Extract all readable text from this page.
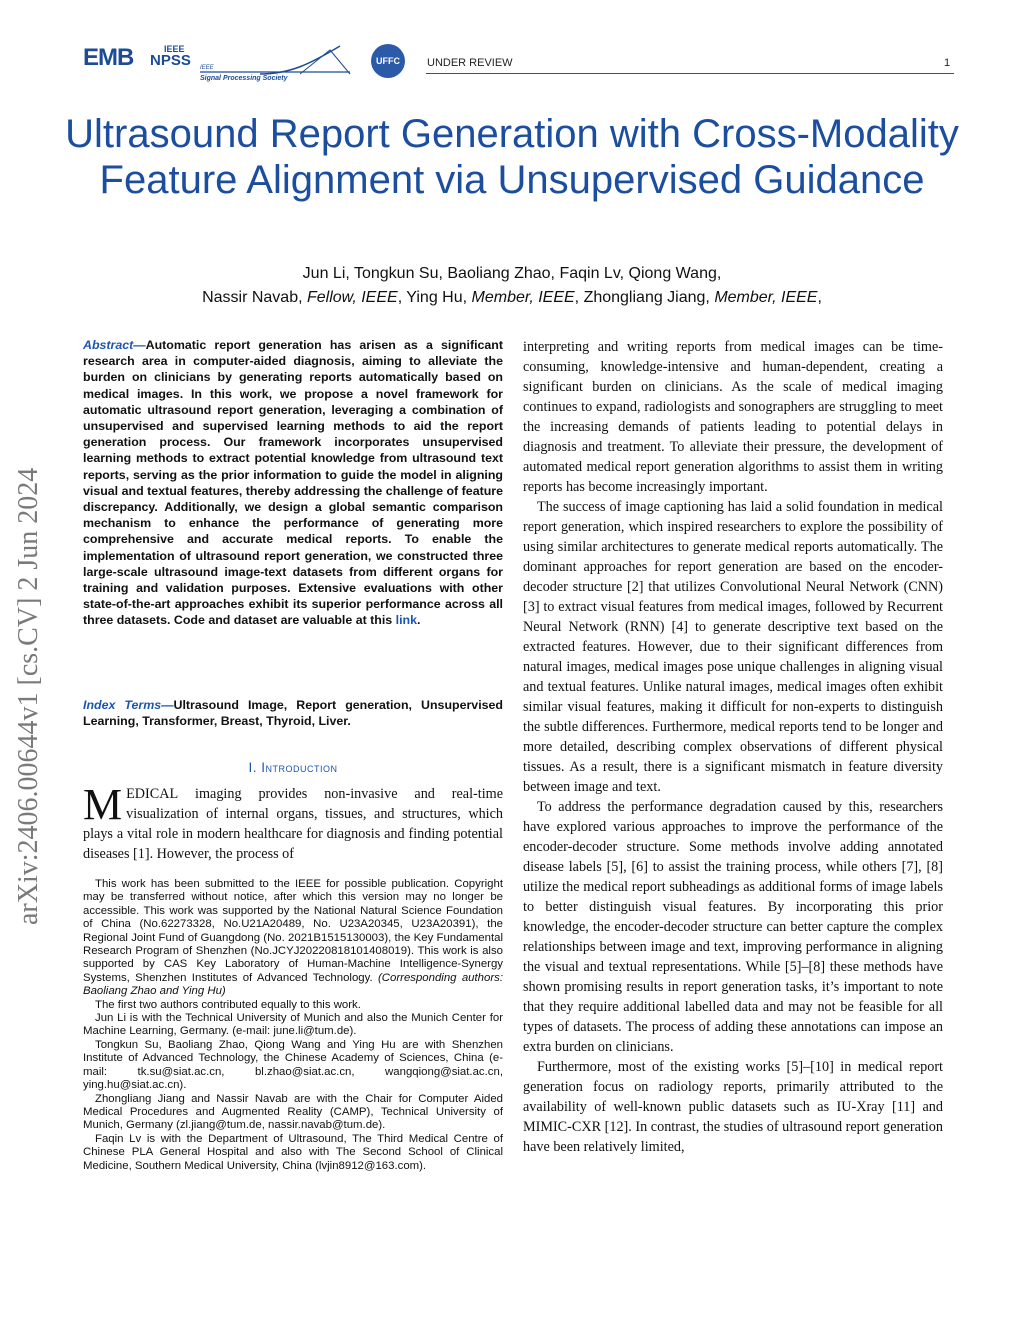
EMB	IEEE
NPSS IEEE
Signal Processing Society
UFFC	UNDER REVIEW	1
arXiv:2406.00644v1 [cs.CV] 2 Jun 2024
Ultrasound Report Generation with Cross-Modality Feature Alignment via Unsupervised Guidance
Jun Li, Tongkun Su, Baoliang Zhao, Faqin Lv, Qiong Wang,
Nassir Navab, Fellow, IEEE, Ying Hu, Member, IEEE, Zhongliang Jiang, Member, IEEE,
Abstract—Automatic report generation has arisen as a significant research area in computer-aided diagnosis, aiming to alleviate the burden on clinicians by generating reports automatically based on medical images. In this work, we propose a novel framework for automatic ultrasound report generation, leveraging a combination of unsupervised and supervised learning methods to aid the report generation process. Our framework incorporates unsupervised learning methods to extract potential knowledge from ultrasound text reports, serving as the prior information to guide the model in aligning visual and textual features, thereby addressing the challenge of feature discrepancy. Additionally, we design a global semantic comparison mechanism to enhance the performance of generating more comprehensive and accurate medical reports. To enable the implementation of ultrasound report generation, we constructed three large-scale ultrasound image-text datasets from different organs for training and validation purposes. Extensive evaluations with other state-of-the-art approaches exhibit its superior performance across all three datasets. Code and dataset are valuable at this link.
Index Terms—Ultrasound Image, Report generation, Unsupervised Learning, Transformer, Breast, Thyroid, Liver.
I. Introduction
MEDICAL imaging provides non-invasive and real-time visualization of internal organs, tissues, and structures, which plays a vital role in modern healthcare for diagnosis and finding potential diseases [1]. However, the process of

This work has been submitted to the IEEE for possible publication. Copyright may be transferred without notice, after which this version may no longer be accessible. This work was supported by the National Natural Science Foundation of China (No.62273328, No.U21A20489, No. U23A20345, U23A20391), the Regional Joint Fund of Guangdong (No. 2021B1515130003), the Key Fundamental Research Program of Shenzhen (No.JCYJ20220818101408019). This work is also supported by CAS Key Laboratory of Human-Machine Intelligence-Synergy Systems, Shenzhen Institutes of Advanced Technology. (Corresponding authors: Baoliang Zhao and Ying Hu)

The first two authors contributed equally to this work.

Jun Li is with the Technical University of Munich and also the Munich Center for Machine Learning, Germany. (e-mail: june.li@tum.de).

Tongkun Su, Baoliang Zhao, Qiong Wang and Ying Hu are with Shenzhen Institute of Advanced Technology, the Chinese Academy of Sciences, China (e-mail: tk.su@siat.ac.cn, bl.zhao@siat.ac.cn, wangqiong@siat.ac.cn, ying.hu@siat.ac.cn).

Zhongliang Jiang and Nassir Navab are with the Chair for Computer Aided Medical Procedures and Augmented Reality (CAMP), Technical University of Munich, Germany (zl.jiang@tum.de, nassir.navab@tum.de).

Faqin Lv is with the Department of Ultrasound, The Third Medical Centre of Chinese PLA General Hospital and also with The Second School of Clinical Medicine, Southern Medical University, China (lvjin8912@163.com).

interpreting and writing reports from medical images can be time-consuming, knowledge-intensive and human-dependent, creating a significant burden on clinicians. As the scale of medical imaging continues to expand, radiologists and sonographers are struggling to meet the increasing demands of patients leading to potential delays in diagnosis and treatment. To alleviate their pressure, the development of automated medical report generation algorithms to assist them in writing reports has become increasingly important.

The success of image captioning has laid a solid foundation in medical report generation, which inspired researchers to explore the possibility of using similar architectures to generate medical reports automatically. The dominant approaches for report generation are based on the encoder-decoder structure [2] that utilizes Convolutional Neural Network (CNN) [3] to extract visual features from medical images, followed by Recurrent Neural Network (RNN) [4] to generate descriptive text based on the extracted features. However, due to their significant differences from natural images, medical images pose unique challenges in aligning visual and textual features. Unlike natural images, medical images often exhibit similar visual features, making it difficult for non-experts to distinguish the subtle differences. Furthermore, medical reports tend to be longer and more detailed, describing complex observations of different physical tissues. As a result, there is a significant mismatch in feature diversity between image and text.

To address the performance degradation caused by this, researchers have explored various approaches to improve the performance of the encoder-decoder structure. Some methods involve adding annotated disease labels [5], [6] to assist the training process, while others [7], [8] utilize the medical report subheadings as additional forms of image labels to better distinguish visual features. By incorporating this prior knowledge, the encoder-decoder structure can better capture the complex relationships between image and text, improving performance in aligning the visual and textual representations. While [5]–[8] these methods have shown promising results in report generation tasks, it’s important to note that they require additional labelled data and may not be feasible for all types of datasets. The process of adding these annotations can impose an extra burden on clinicians.

Furthermore, most of the existing works [5]–[10] in medical report generation focus on radiology reports, primarily attributed to the availability of well-known public datasets such as IU-Xray [11] and MIMIC-CXR [12]. In contrast, the studies of ultrasound report generation have been relatively limited,
